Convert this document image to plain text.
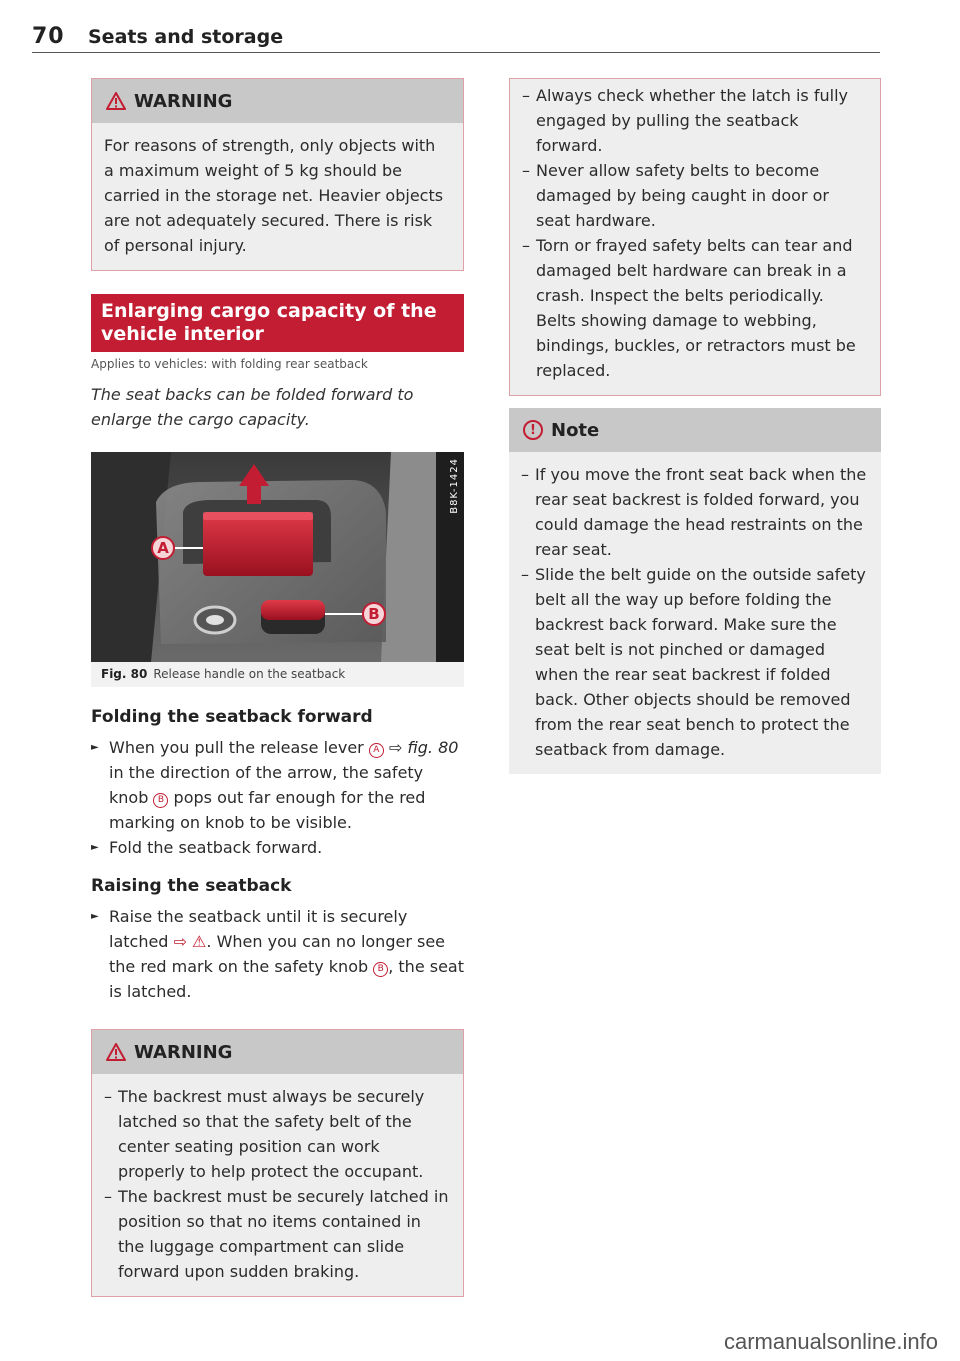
70 Seats and storage
WARNING
For reasons of strength, only objects with a maximum weight of 5 kg should be carried in the storage net. Heavier objects are not adequately secured. There is risk of personal injury.
Enlarging cargo capacity of the vehicle interior
Applies to vehicles: with folding rear seatback
The seat backs can be folded forward to enlarge the cargo capacity.
A
B
B8K-1424
Fig. 80 Release handle on the seatback
Folding the seatback forward
► When you pull the release lever A ⇨ fig. 80 in the direction of the arrow, the safety knob B pops out far enough for the red marking on knob to be visible.
► Fold the seatback forward.
Raising the seatback
► Raise the seatback until it is securely latched ⇨ ⚠. When you can no longer see the red mark on the safety knob B , the seat is latched.
WARNING
– The backrest must always be securely latched so that the safety belt of the center seating position can work properly to help protect the occupant.
– The backrest must be securely latched in position so that no items contained in the luggage compartment can slide forward upon sudden braking.
– Always check whether the latch is fully engaged by pulling the seatback forward.
– Never allow safety belts to become damaged by being caught in door or seat hardware.
– Torn or frayed safety belts can tear and damaged belt hardware can break in a crash. Inspect the belts periodically. Belts showing damage to webbing, bindings, buckles, or retractors must be replaced.
! Note
– If you move the front seat back when the rear seat backrest is folded forward, you could damage the head restraints on the rear seat.
– Slide the belt guide on the outside safety belt all the way up before folding the backrest back forward. Make sure the seat belt is not pinched or damaged when the rear seat backrest if folded back. Other objects should be removed from the rear seat bench to protect the seatback from damage.
carmanualsonline.info
